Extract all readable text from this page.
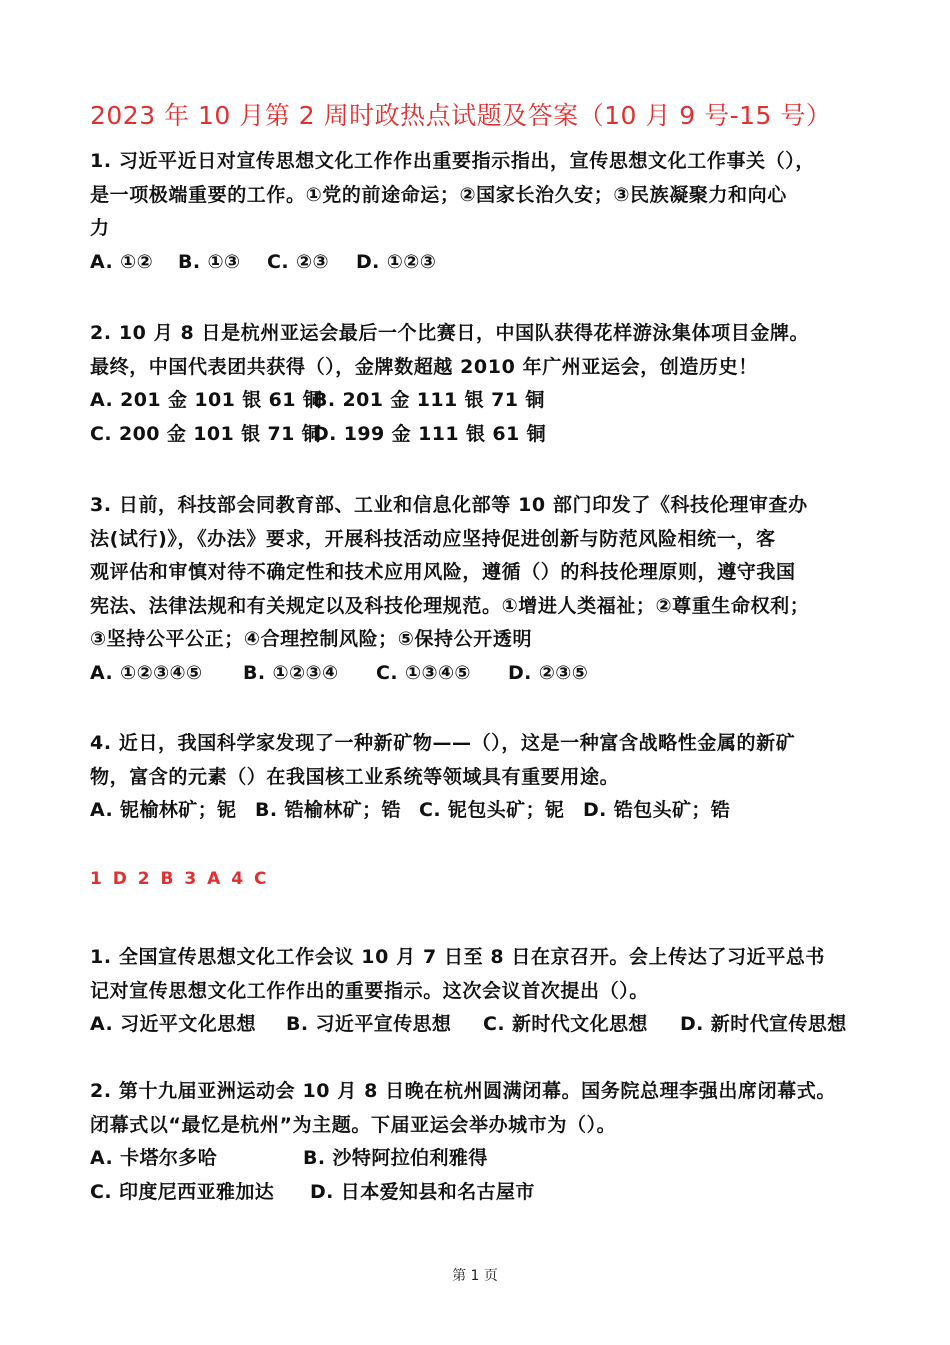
2023 年 10 月第 2 周时政热点试题及答案（10 月 9 号-15 号）
1. 习近平近日对宣传思想文化工作作出重要指示指出，宣传思想文化工作事关（），
是一项极端重要的工作。①党的前途命运；②国家长治久安；③民族凝聚力和向心
力
A. ①②	B. ①③	C. ②③	D. ①②③
2. 10 月 8 日是杭州亚运会最后一个比赛日，中国队获得花样游泳集体项目金牌。
最终，中国代表团共获得（），金牌数超越 2010 年广州亚运会，创造历史！
A. 201 金 101 银 61 铜
B. 201 金 111 银 71 铜
C. 200 金 101 银 71 铜
D. 199 金 111 银 61 铜
3. 日前，科技部会同教育部、工业和信息化部等 10 部门印发了《科技伦理审查办
法(试行)》，《办法》要求，开展科技活动应坚持促进创新与防范风险相统一，客
观评估和审慎对待不确定性和技术应用风险，遵循（）的科技伦理原则，遵守我国
宪法、法律法规和有关规定以及科技伦理规范。①增进人类福祉；②尊重生命权利；
③坚持公平公正；④合理控制风险；⑤保持公开透明
A. ①②③④⑤	B. ①②③④	C. ①③④⑤	D. ②③⑤
4. 近日，我国科学家发现了一种新矿物——（），这是一种富含战略性金属的新矿
物，富含的元素（）在我国核工业系统等领域具有重要用途。
A. 铌榆林矿；铌 B. 锆榆林矿；锆 C. 铌包头矿；铌 D. 锆包头矿；锆
1 D 2 B 3 A 4 C
1. 全国宣传思想文化工作会议 10 月 7 日至 8 日在京召开。会上传达了习近平总书
记对宣传思想文化工作作出的重要指示。这次会议首次提出（）。
A. 习近平文化思想	B. 习近平宣传思想	C. 新时代文化思想	D. 新时代宣传思想
2. 第十九届亚洲运动会 10 月 8 日晚在杭州圆满闭幕。国务院总理李强出席闭幕式。
闭幕式以“最忆是杭州”为主题。下届亚运会举办城市为（）。
A. 卡塔尔多哈	B. 沙特阿拉伯利雅得
C. 印度尼西亚雅加达	D. 日本爱知县和名古屋市
第 1 页
